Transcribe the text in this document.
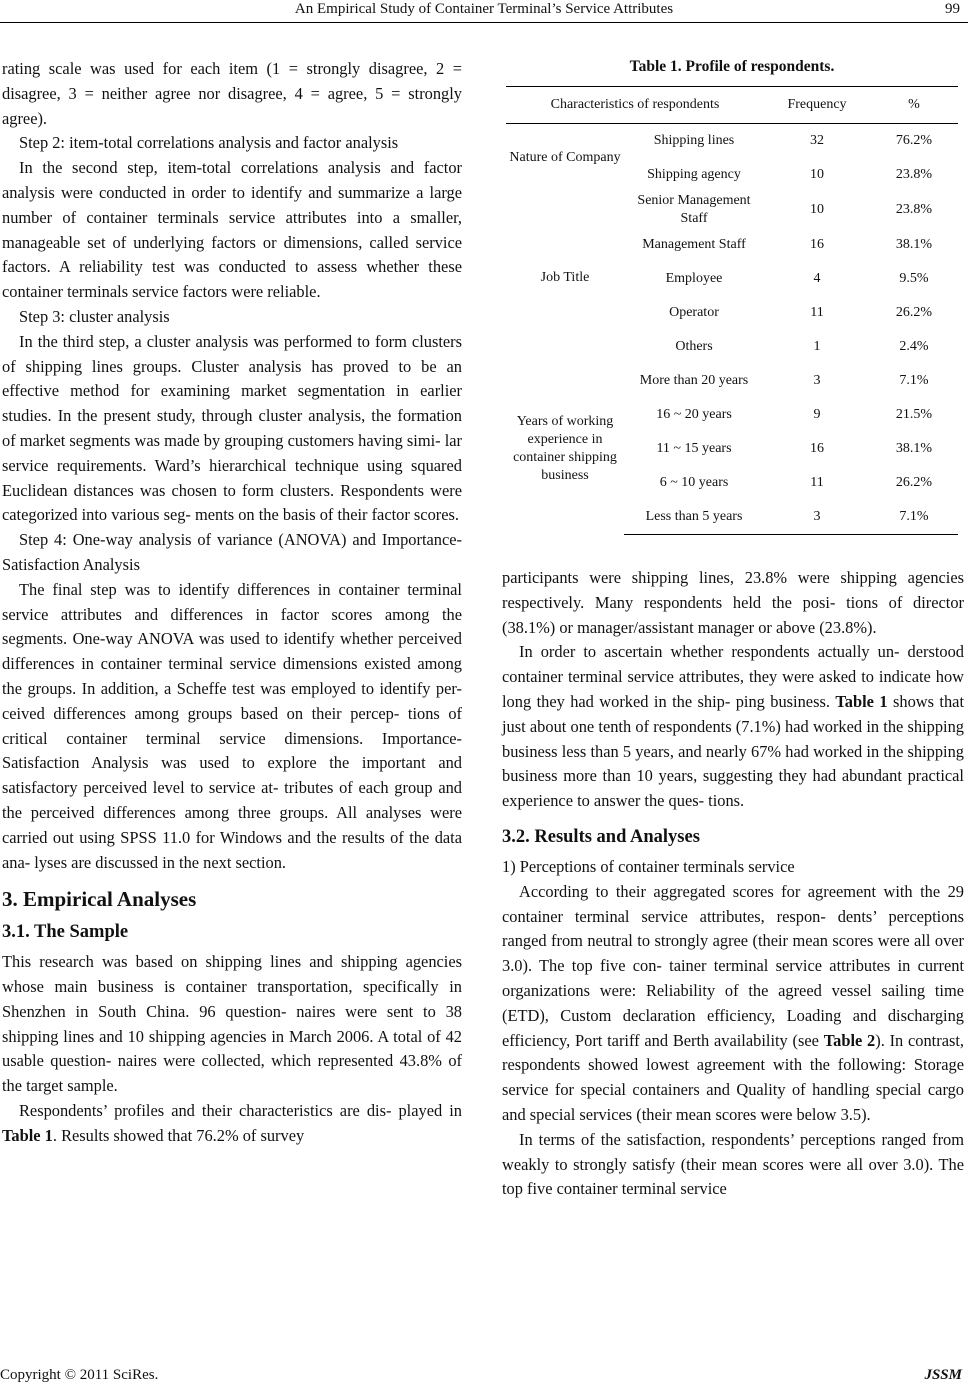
An Empirical Study of Container Terminal’s Service Attributes	99

rating scale was used for each item (1 = strongly disagree, 2 = disagree, 3 = neither agree nor disagree, 4 = agree, 5 = strongly agree).

Step 2: item-total correlations analysis and factor analysis

In the second step, item-total correlations analysis and factor analysis were conducted in order to identify and summarize a large number of container terminals service attributes into a smaller, manageable set of underlying factors or dimensions, called service factors. A reliability test was conducted to assess whether these container terminals service factors were reliable.

Step 3: cluster analysis

In the third step, a cluster analysis was performed to form clusters of shipping lines groups. Cluster analysis has proved to be an effective method for examining market segmentation in earlier studies. In the present study, through cluster analysis, the formation of market segments was made by grouping customers having simi- lar service requirements. Ward’s hierarchical technique using squared Euclidean distances was chosen to form clusters. Respondents were categorized into various seg- ments on the basis of their factor scores.

Step 4: One-way analysis of variance (ANOVA) and Importance-Satisfaction Analysis

The final step was to identify differences in container terminal service attributes and differences in factor scores among the segments. One-way ANOVA was used to identify whether perceived differences in container terminal service dimensions existed among the groups. In addition, a Scheffe test was employed to identify per- ceived differences among groups based on their percep- tions of critical container terminal service dimensions. Importance-Satisfaction Analysis was used to explore the important and satisfactory perceived level to service at- tributes of each group and the perceived differences among three groups. All analyses were carried out using SPSS 11.0 for Windows and the results of the data ana- lyses are discussed in the next section.

3. Empirical Analyses
3.1. The Sample

This research was based on shipping lines and shipping agencies whose main business is container transportation, specifically in Shenzhen in South China. 96 question- naires were sent to 38 shipping lines and 10 shipping agencies in March 2006. A total of 42 usable question- naires were collected, which represented 43.8% of the target sample.

Respondents’ profiles and their characteristics are dis- played in Table 1. Results showed that 76.2% of survey

Table 1. Profile of respondents.
Characteristics of respondents		Frequency	%
Nature of Company	Shipping lines	32	76.2%
	Shipping agency	10	23.8%
Job Title	Senior Management Staff	10	23.8%
	Management Staff	16	38.1%
	Employee	4	9.5%
	Operator	11	26.2%
	Others	1	2.4%
Years of working experience in container shipping business	More than 20 years	3	7.1%
	16 ~ 20 years	9	21.5%
	11 ~ 15 years	16	38.1%
	6 ~ 10 years	11	26.2%
	Less than 5 years	3	7.1%

participants were shipping lines, 23.8% were shipping agencies respectively. Many respondents held the posi- tions of director (38.1%) or manager/assistant manager or above (23.8%).

In order to ascertain whether respondents actually un- derstood container terminal service attributes, they were asked to indicate how long they had worked in the ship- ping business. Table 1 shows that just about one tenth of respondents (7.1%) had worked in the shipping business less than 5 years, and nearly 67% had worked in the shipping business more than 10 years, suggesting they had abundant practical experience to answer the ques- tions.

3.2. Results and Analyses

1) Perceptions of container terminals service

According to their aggregated scores for agreement with the 29 container terminal service attributes, respon- dents’ perceptions ranged from neutral to strongly agree (their mean scores were all over 3.0). The top five con- tainer terminal service attributes in current organizations were: Reliability of the agreed vessel sailing time (ETD), Custom declaration efficiency, Loading and discharging efficiency, Port tariff and Berth availability (see Table 2). In contrast, respondents showed lowest agreement with the following: Storage service for special containers and Quality of handling special cargo and special services (their mean scores were below 3.5).

In terms of the satisfaction, respondents’ perceptions ranged from weakly to strongly satisfy (their mean scores were all over 3.0). The top five container terminal service

Copyright © 2011 SciRes.	JSSM
